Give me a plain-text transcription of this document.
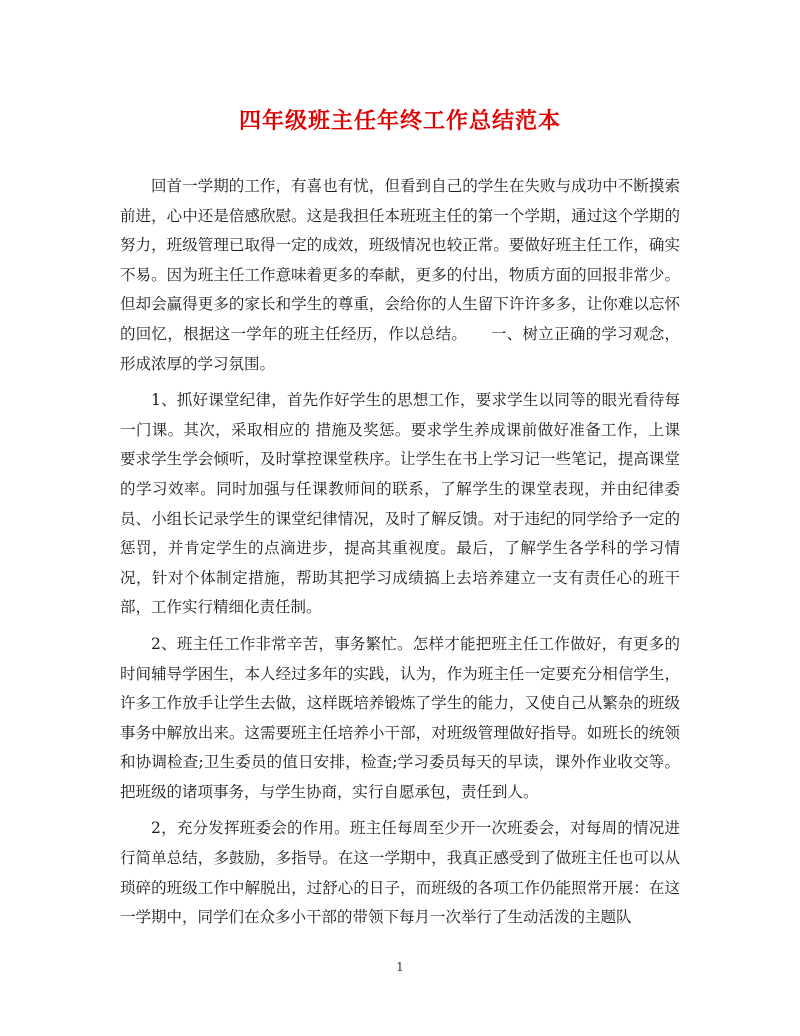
四年级班主任年终工作总结范本

回首一学期的工作，有喜也有忧，但看到自己的学生在失败与成功中不断摸索前进，心中还是倍感欣慰。这是我担任本班班主任的第一个学期，通过这个学期的努力，班级管理已取得一定的成效，班级情况也较正常。要做好班主任工作，确实不易。因为班主任工作意味着更多的奉献，更多的付出，物质方面的回报非常少。但却会赢得更多的家长和学生的尊重，会给你的人生留下许许多多，让你难以忘怀的回忆，根据这一学年的班主任经历，作以总结。　　一、树立正确的学习观念，形成浓厚的学习氛围。

1、抓好课堂纪律，首先作好学生的思想工作，要求学生以同等的眼光看待每一门课。其次，采取相应的 措施及奖惩。要求学生养成课前做好准备工作，上课要求学生学会倾听，及时掌控课堂秩序。让学生在书上学习记一些笔记，提高课堂的学习效率。同时加强与任课教师间的联系，了解学生的课堂表现，并由纪律委员、小组长记录学生的课堂纪律情况，及时了解反馈。对于违纪的同学给予一定的惩罚，并肯定学生的点滴进步，提高其重视度。最后，了解学生各学科的学习情况，针对个体制定措施，帮助其把学习成绩搞上去培养建立一支有责任心的班干部，工作实行精细化责任制。

2、班主任工作非常辛苦，事务繁忙。怎样才能把班主任工作做好，有更多的时间辅导学困生，本人经过多年的实践，认为，作为班主任一定要充分相信学生，许多工作放手让学生去做，这样既培养锻炼了学生的能力，又使自己从繁杂的班级事务中解放出来。这需要班主任培养小干部，对班级管理做好指导。如班长的统领和协调检查;卫生委员的值日安排，检查;学习委员每天的早读，课外作业收交等。把班级的诸项事务，与学生协商，实行自愿承包，责任到人。

2，充分发挥班委会的作用。班主任每周至少开一次班委会，对每周的情况进行简单总结，多鼓励，多指导。在这一学期中，我真正感受到了做班主任也可以从琐碎的班级工作中解脱出，过舒心的日子，而班级的各项工作仍能照常开展：在这一学期中，同学们在众多小干部的带领下每月一次举行了生动活泼的主题队

1
